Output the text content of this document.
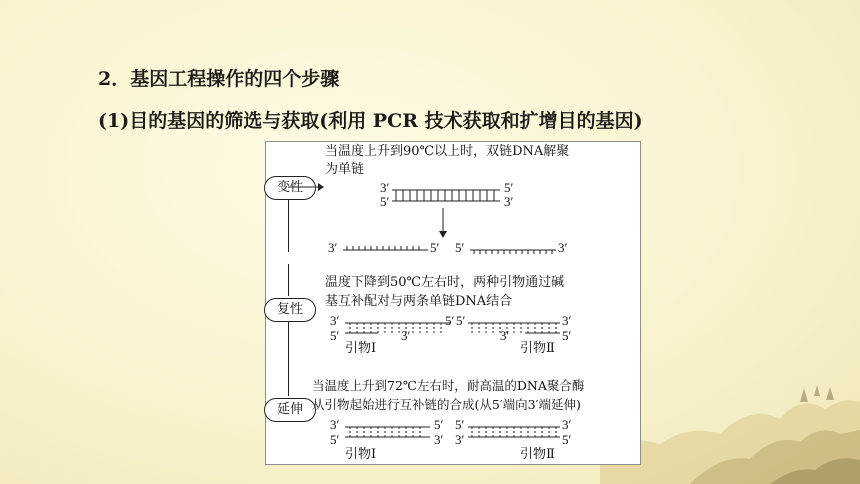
2．基因工程操作的四个步骤
(1)目的基因的筛选与获取(利用 PCR 技术获取和扩增目的基因)
变性
复性
延伸
当温度上升到90℃以上时，双链DNA解聚
为单链
温度下降到50℃左右时，两种引物通过碱
基互补配对与两条单链DNA结合
当温度上升到72℃左右时，耐高温的DNA聚合酶
从引物起始进行互补链的合成(从5′端向3′端延伸)
3′
5′
5′
3′
3′	5′ 5′	3′
3′
5′	3′
5′ 5′
3′
3′
5′
引物Ⅰ	引物Ⅱ
3′
5′
5′
3′
5′
3′
3′
5′
引物Ⅰ	引物Ⅱ
